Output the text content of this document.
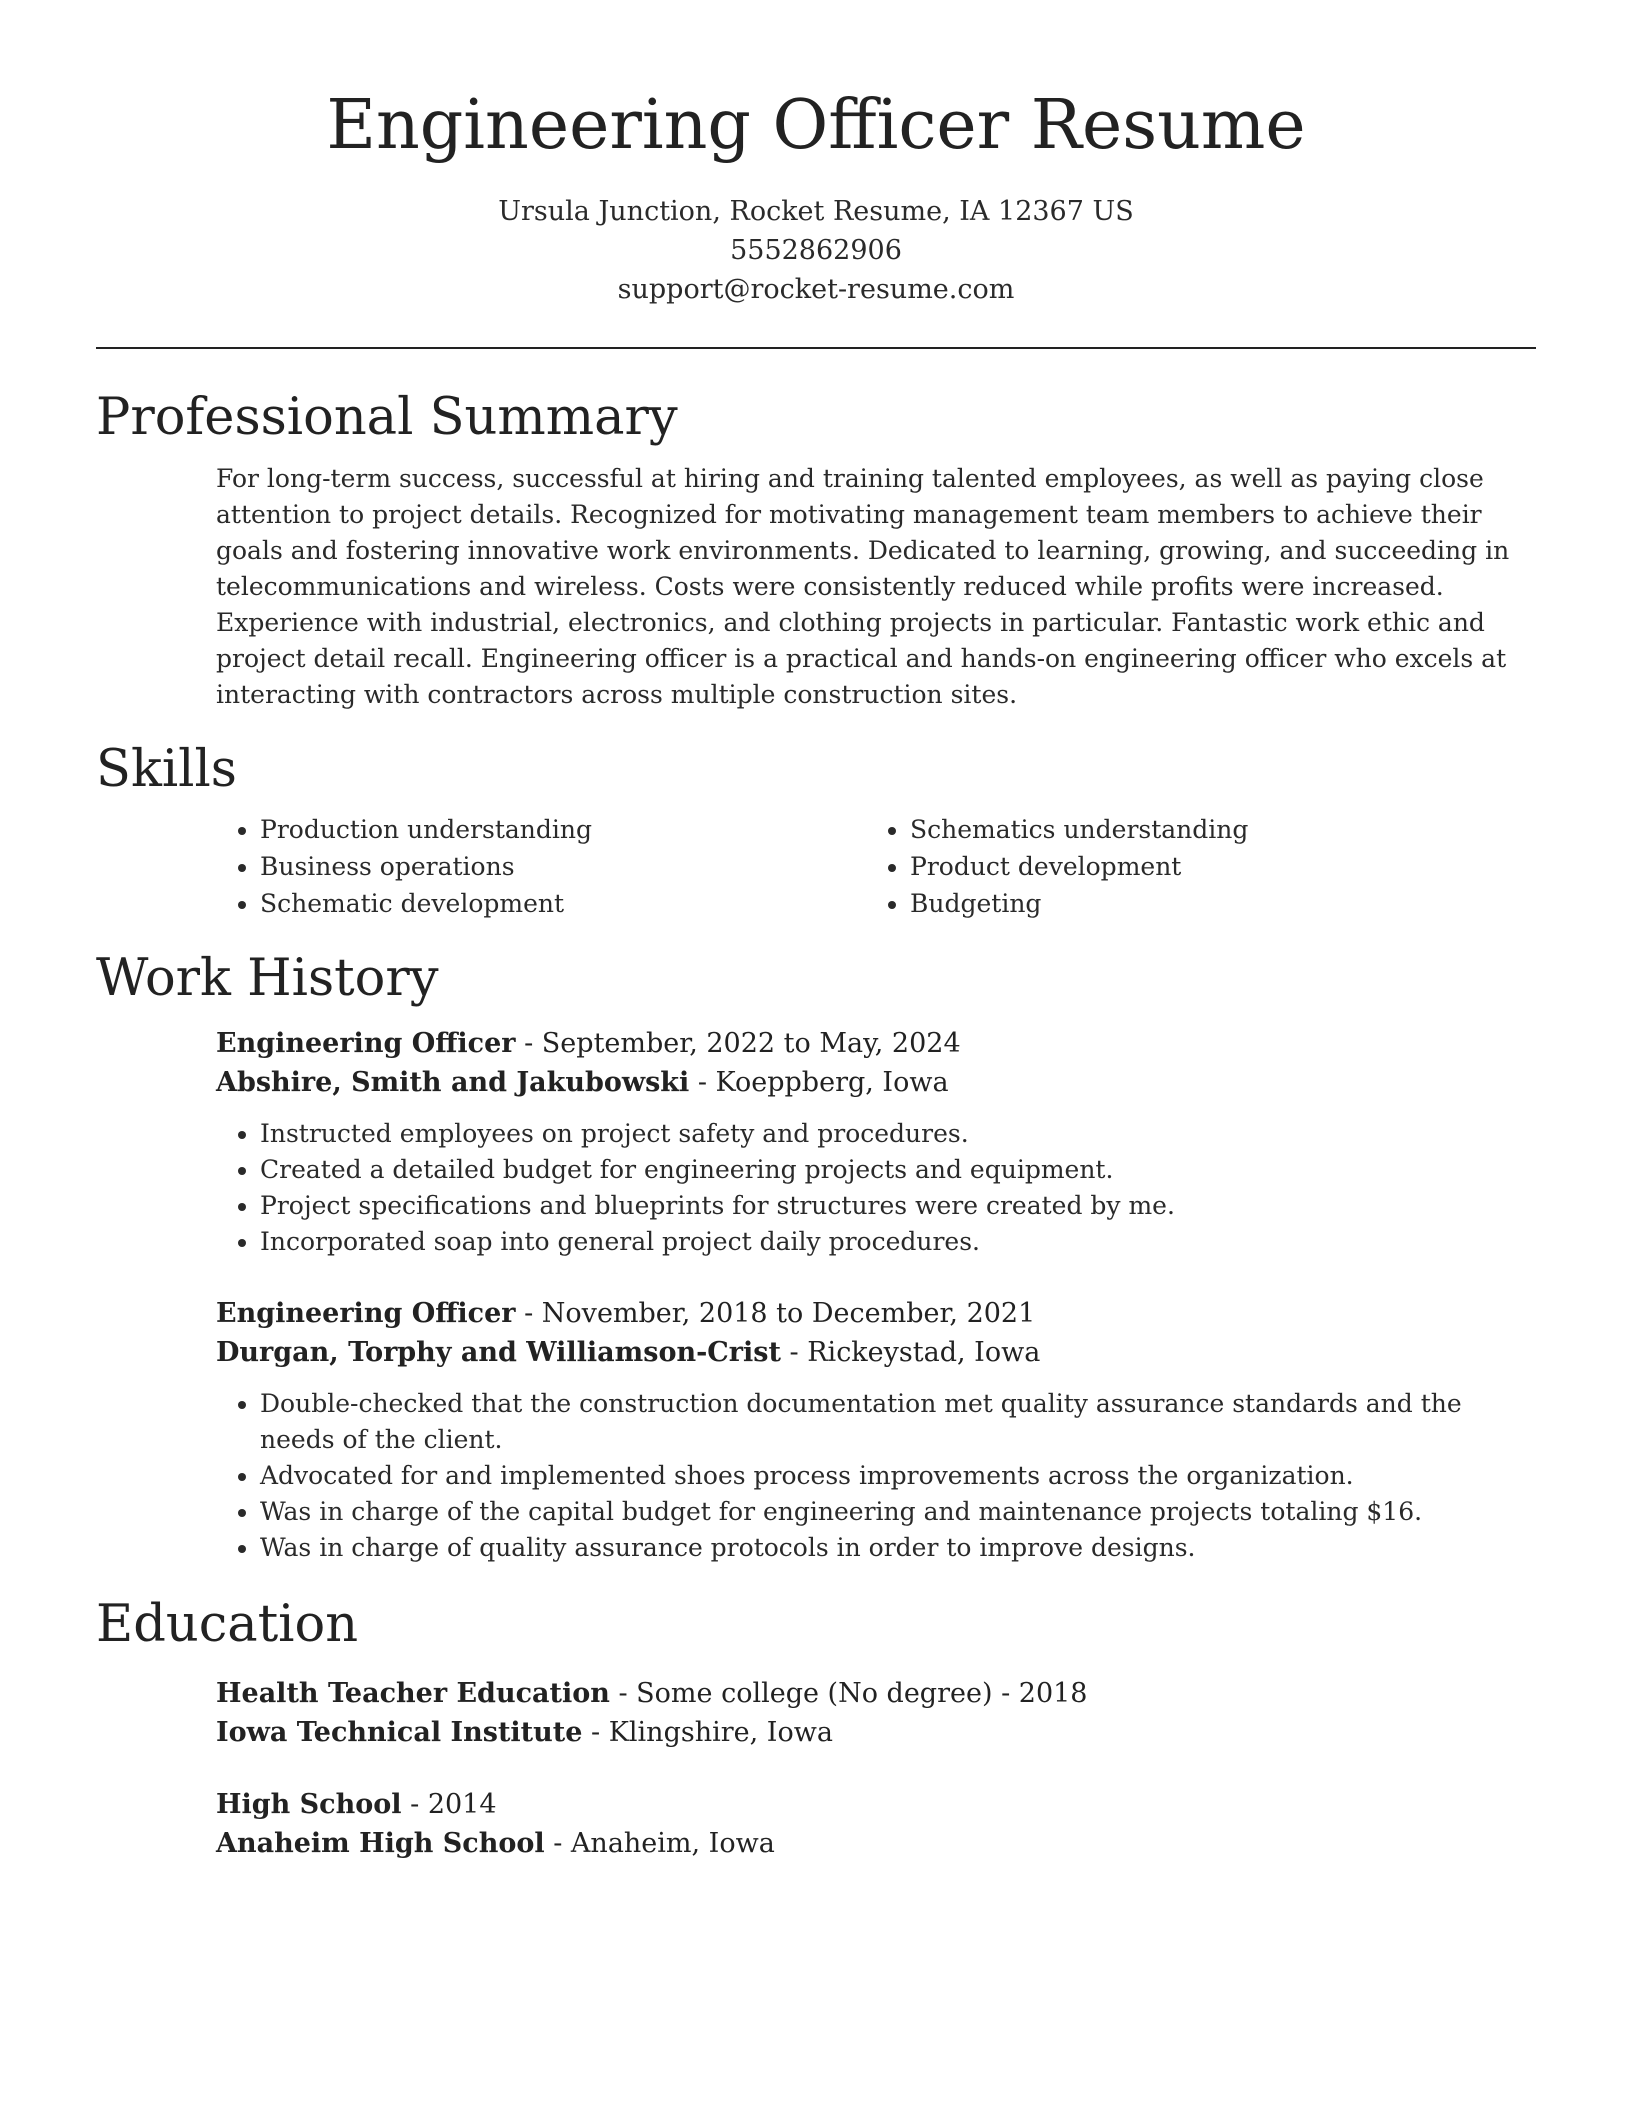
Engineering Officer Resume
Ursula Junction, Rocket Resume, IA 12367 US
5552862906
support@rocket-resume.com
Professional Summary

For long-term success, successful at hiring and training talented employees, as well as paying close attention to project details. Recognized for motivating management team members to achieve their goals and fostering innovative work environments. Dedicated to learning, growing, and succeeding in telecommunications and wireless. Costs were consistently reduced while profits were increased. Experience with industrial, electronics, and clothing projects in particular. Fantastic work ethic and project detail recall. Engineering officer is a practical and hands-on engineering officer who excels at interacting with contractors across multiple construction sites.

Skills
• Production understanding
• Business operations
• Schematic development
• Schematics understanding
• Product development
• Budgeting
Work History
Engineering Officer - September, 2022 to May, 2024
Abshire, Smith and Jakubowski - Koeppberg, Iowa
• Instructed employees on project safety and procedures.
• Created a detailed budget for engineering projects and equipment.
• Project specifications and blueprints for structures were created by me.
• Incorporated soap into general project daily procedures.
Engineering Officer - November, 2018 to December, 2021
Durgan, Torphy and Williamson-Crist - Rickeystad, Iowa
• Double-checked that the construction documentation met quality assurance standards and the needs of the client.
• Advocated for and implemented shoes process improvements across the organization.
• Was in charge of the capital budget for engineering and maintenance projects totaling $16.
• Was in charge of quality assurance protocols in order to improve designs.
Education
Health Teacher Education - Some college (No degree) - 2018
Iowa Technical Institute - Klingshire, Iowa
High School - 2014
Anaheim High School - Anaheim, Iowa
